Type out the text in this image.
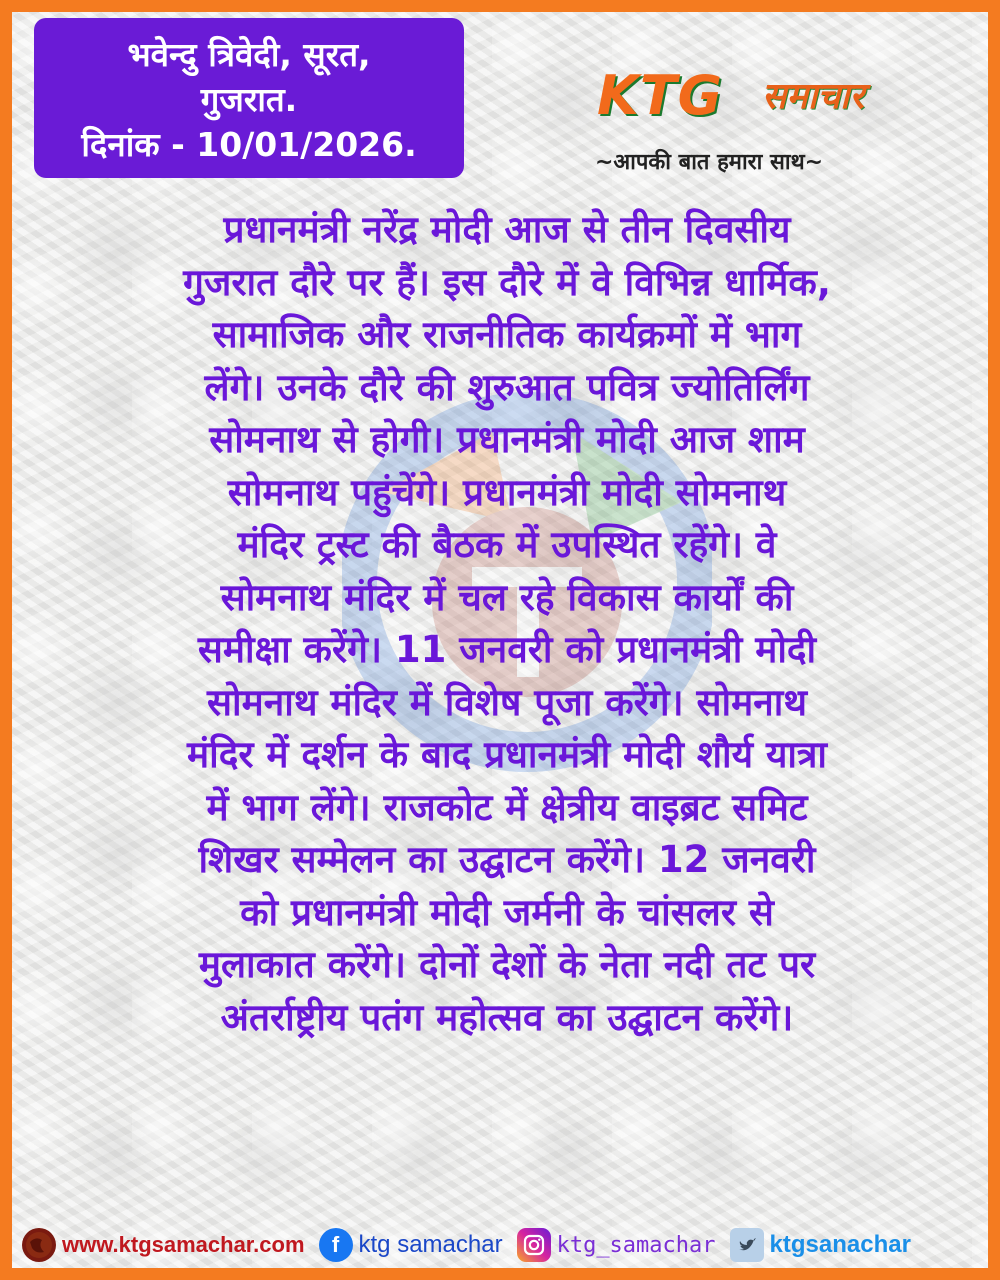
भवेन्दु त्रिवेदी, सूरत,
गुजरात.
दिनांक - 10/01/2026.
KTG समाचार
~आपकी बात हमारा साथ~
प्रधानमंत्री नरेंद्र मोदी आज से तीन दिवसीय
गुजरात दौरे पर हैं। इस दौरे में वे विभिन्न धार्मिक,
सामाजिक और राजनीतिक कार्यक्रमों में भाग
लेंगे। उनके दौरे की शुरुआत पवित्र ज्योतिर्लिंग
सोमनाथ से होगी। प्रधानमंत्री मोदी आज शाम
सोमनाथ पहुंचेंगे। प्रधानमंत्री मोदी सोमनाथ
मंदिर ट्रस्ट की बैठक में उपस्थित रहेंगे। वे
सोमनाथ मंदिर में चल रहे विकास कार्यों की
समीक्षा करेंगे। 11 जनवरी को प्रधानमंत्री मोदी
सोमनाथ मंदिर में विशेष पूजा करेंगे। सोमनाथ
मंदिर में दर्शन के बाद प्रधानमंत्री मोदी शौर्य यात्रा
में भाग लेंगे। राजकोट में क्षेत्रीय वाइब्रट समिट
शिखर सम्मेलन का उद्घाटन करेंगे। 12 जनवरी
को प्रधानमंत्री मोदी जर्मनी के चांसलर से
मुलाकात करेंगे। दोनों देशों के नेता नदी तट पर
अंतर्राष्ट्रीय पतंग महोत्सव का उद्घाटन करेंगे।
www.ktgsamachar.com	f ktg samachar ktg_samachar ktgsanachar
